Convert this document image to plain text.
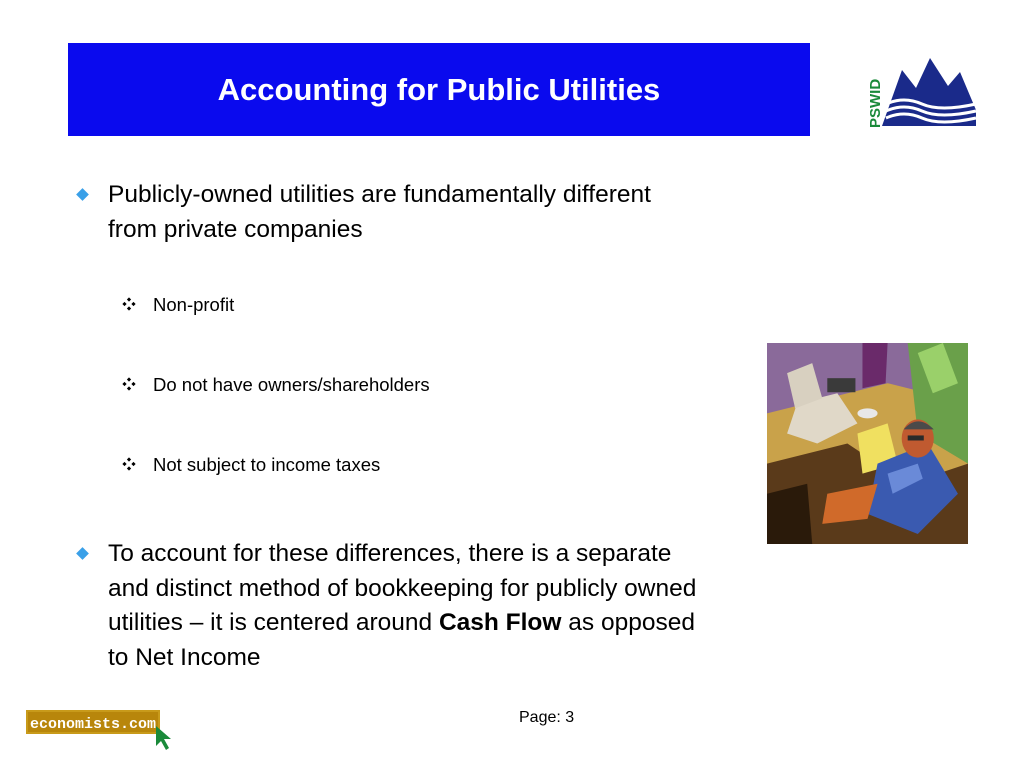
Accounting for Public Utilities	PSWID
Publicly-owned utilities are fundamentally different from private companies
Non-profit
Do not have owners/shareholders
Not subject to income taxes
To account for these differences, there is a separate and distinct method of bookkeeping for publicly owned utilities – it is centered around Cash Flow as opposed to Net Income
economists.com	Page: 3
